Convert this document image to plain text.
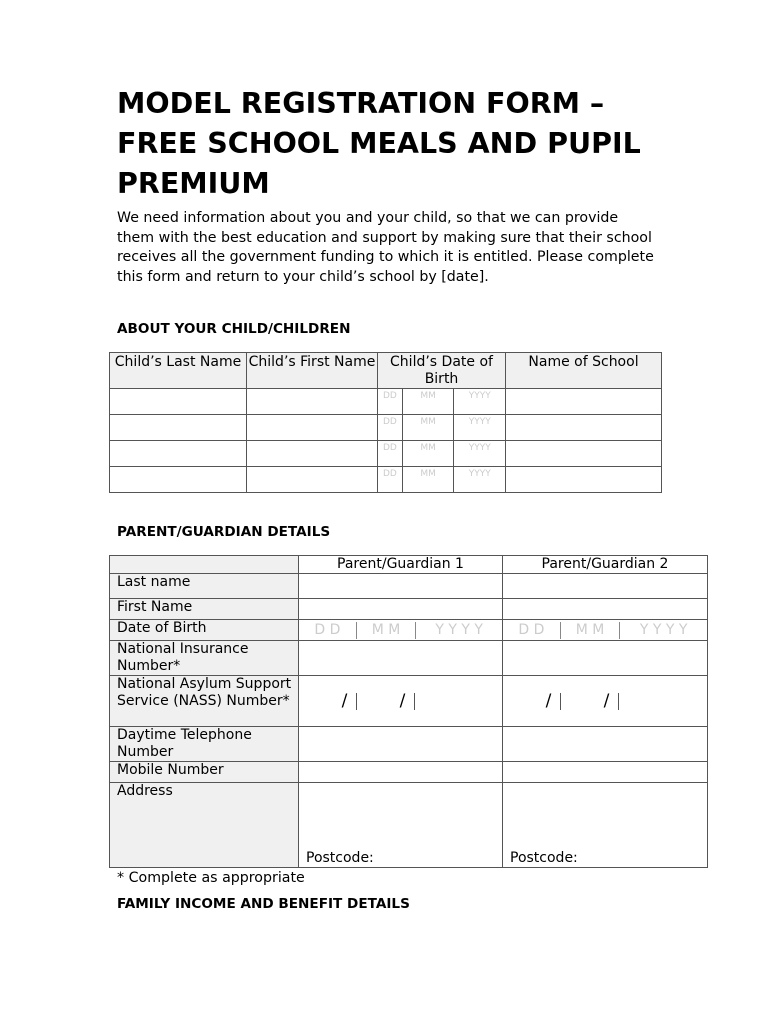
MODEL REGISTRATION FORM – FREE SCHOOL MEALS AND PUPIL PREMIUM

We need information about you and your child, so that we can provide them with the best education and support by making sure that their school receives all the government funding to which it is entitled. Please complete this form and return to your child’s school by [date].

ABOUT YOUR CHILD/CHILDREN

Child’s Last Name	Child’s First Name	Child’s Date of Birth	Name of School

		DD MM YYYY	

		DD MM YYYY	

		DD MM YYYY	

		DD MM YYYY	

PARENT/GUARDIAN DETAILS

	Parent/Guardian 1	Parent/Guardian 2
Last name		
First Name		
Date of Birth	D D M M Y Y Y Y	D D M M Y Y Y Y

National Insurance Number*	

National Asylum Support Service (NASS) Number*	/ /	/ /

Daytime Telephone Number		
Mobile Number		
Address	Postcode:	Postcode:

* Complete as appropriate

FAMILY INCOME AND BENEFIT DETAILS
